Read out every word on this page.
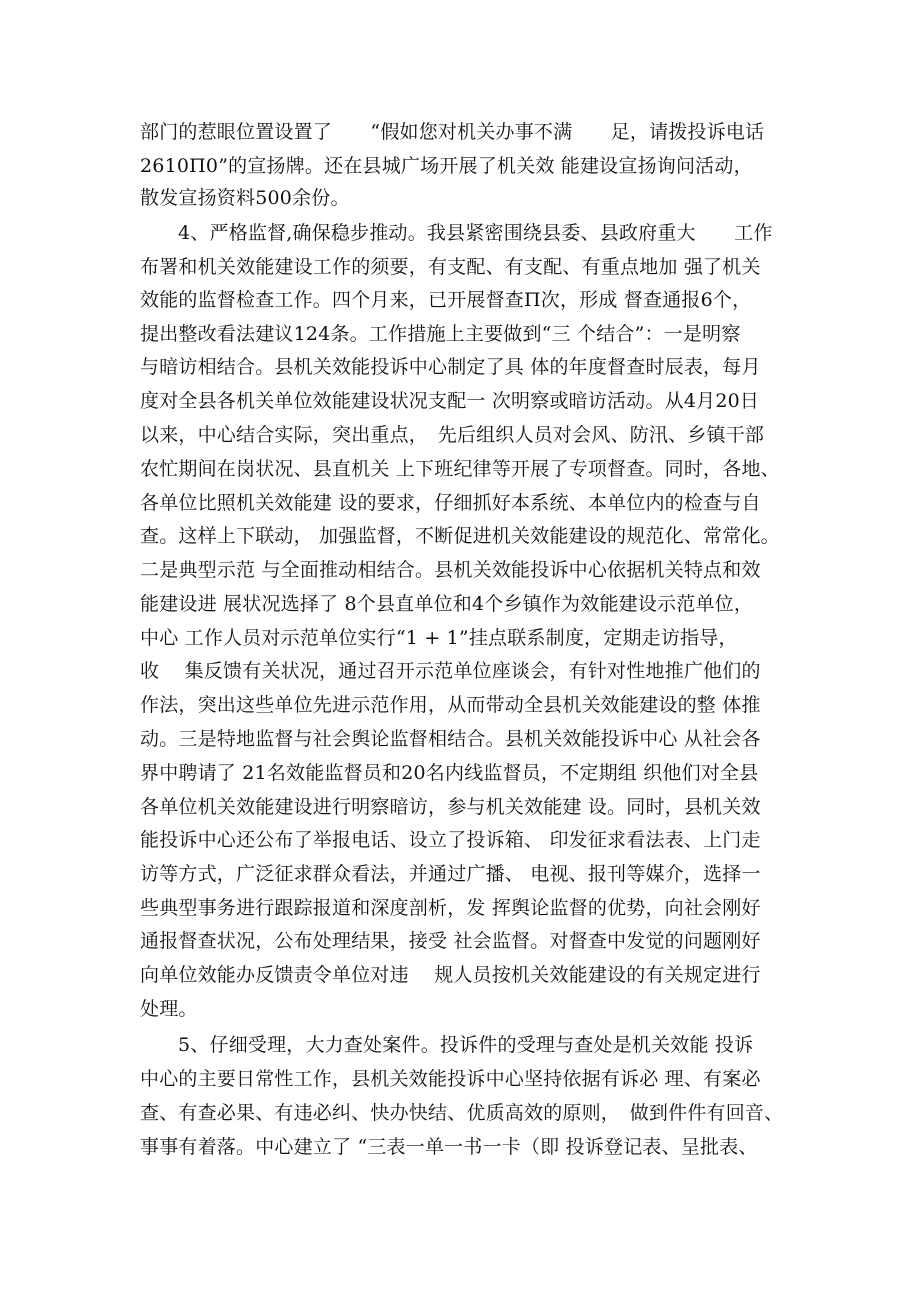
部门的惹眼位置设置了　　“假如您对机关办事不满　　足，请拨投诉电话
2610Π0”的宣扬牌。还在县城广场开展了机关效 能建设宣扬询问活动，
散发宣扬资料500余份。
4、严格监督,确保稳步推动。我县紧密围绕县委、县政府重大　　工作
布署和机关效能建设工作的须要，有支配、有支配、有重点地加 强了机关
效能的监督检查工作。四个月来，已开展督查Π次，形成 督查通报6个，
提出整改看法建议124条。工作措施上主要做到“三 个结合”：一是明察
与暗访相结合。县机关效能投诉中心制定了具 体的年度督查时辰表，每月
度对全县各机关单位效能建设状况支配一 次明察或暗访活动。从4月20日
以来，中心结合实际，突出重点，　先后组织人员对会风、防汛、乡镇干部
农忙期间在岗状况、县直机关 上下班纪律等开展了专项督查。同时，各地、
各单位比照机关效能建 设的要求，仔细抓好本系统、本单位内的检查与自
查。这样上下联动， 加强监督，不断促进机关效能建设的规范化、常常化。
二是典型示范 与全面推动相结合。县机关效能投诉中心依据机关特点和效
能建设进 展状况选择了 8个县直单位和4个乡镇作为效能建设示范单位，
中心 工作人员对示范单位实行“1 + 1”挂点联系制度，定期走访指导，
收　 集反馈有关状况，通过召开示范单位座谈会，有针对性地推广他们的
作法，突出这些单位先进示范作用，从而带动全县机关效能建设的整 体推
动。三是特地监督与社会舆论监督相结合。县机关效能投诉中心 从社会各
界中聘请了 21名效能监督员和20名内线监督员，不定期组 织他们对全县
各单位机关效能建设进行明察暗访，参与机关效能建 设。同时，县机关效
能投诉中心还公布了举报电话、设立了投诉箱、 印发征求看法表、上门走
访等方式，广泛征求群众看法，并通过广播、 电视、报刊等媒介，选择一
些典型事务进行跟踪报道和深度剖析，发 挥舆论监督的优势，向社会刚好
通报督查状况，公布处理结果，接受 社会监督。对督查中发觉的问题刚好
向单位效能办反馈责令单位对违　 规人员按机关效能建设的有关规定进行
处理。
5、仔细受理，大力查处案件。投诉件的受理与查处是机关效能 投诉
中心的主要日常性工作，县机关效能投诉中心坚持依据有诉必 理、有案必
查、有查必果、有违必纠、快办快结、优质高效的原则，　做到件件有回音、
事事有着落。中心建立了 “三表一单一书一卡（即 投诉登记表、呈批表、
